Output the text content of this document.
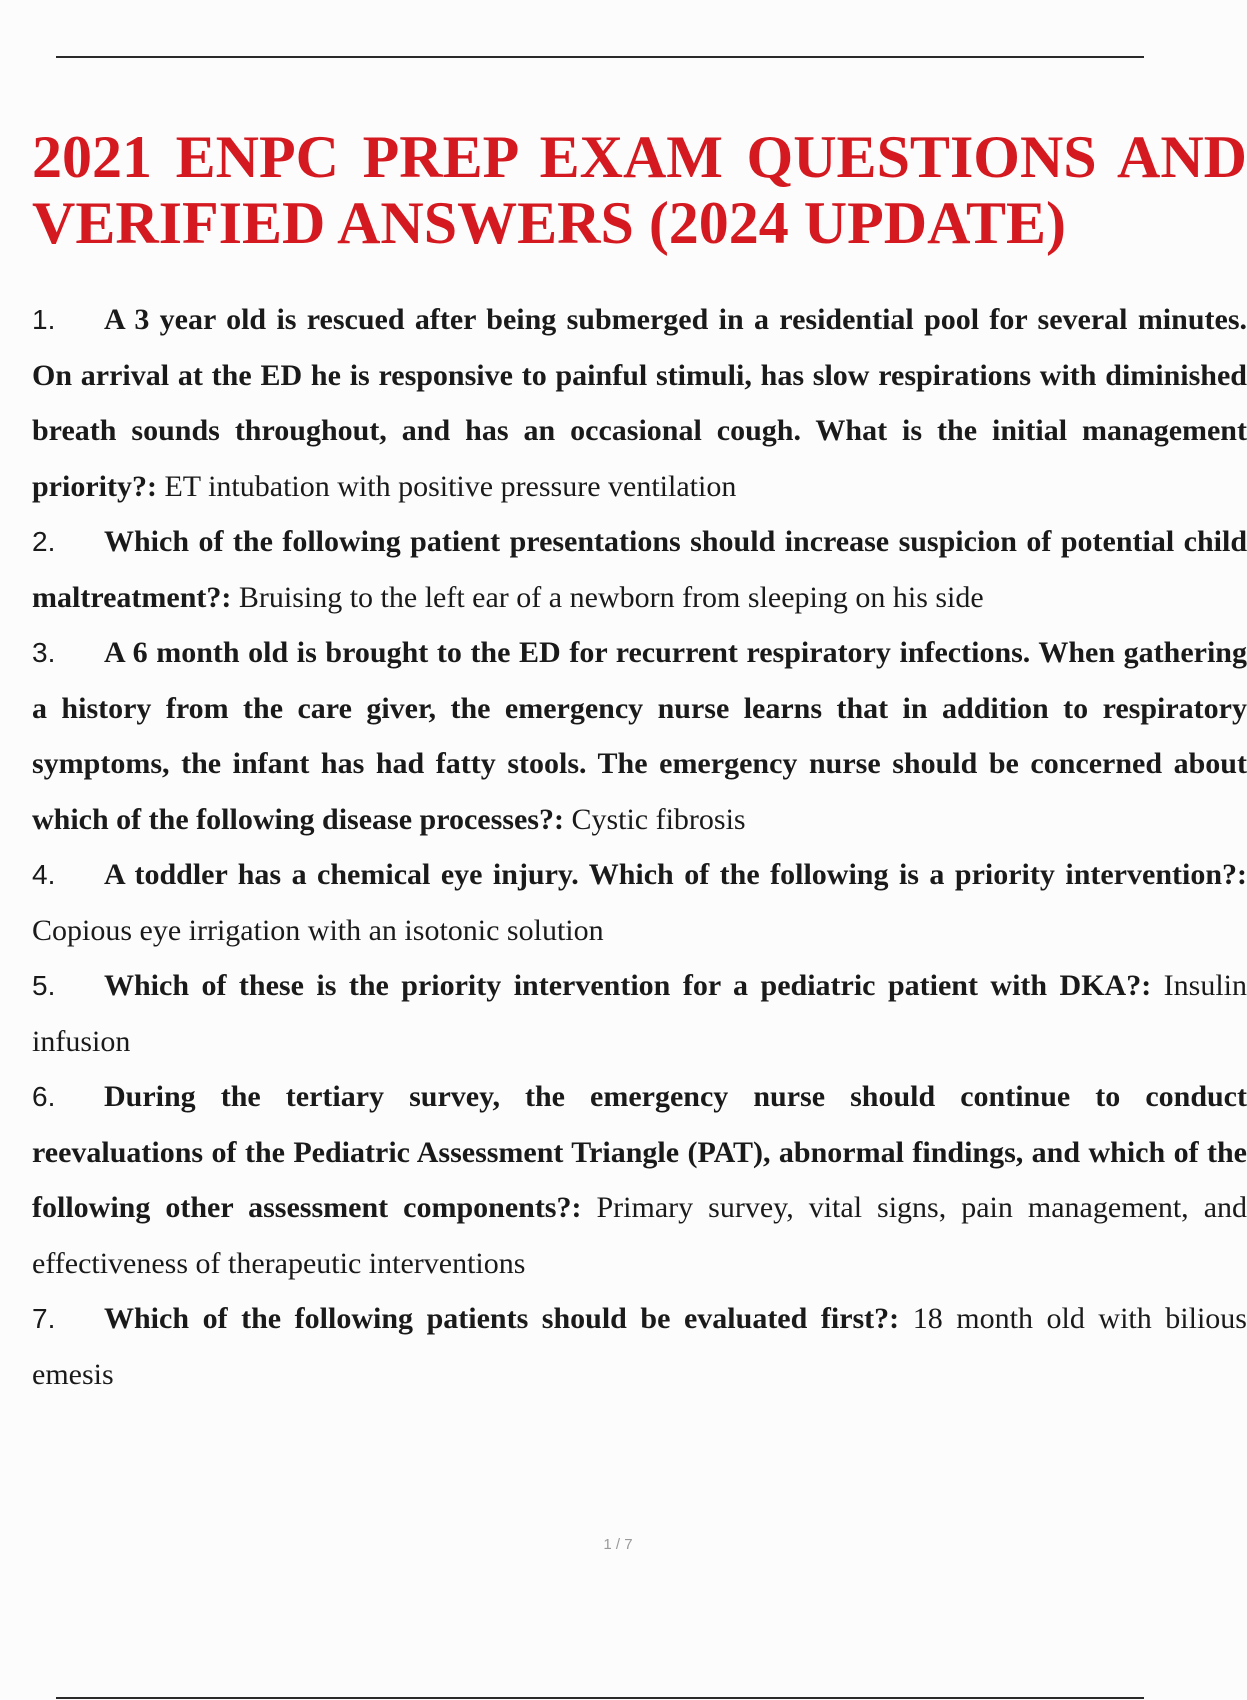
2021 ENPC PREP EXAM QUESTIONS AND VERIFIED ANSWERS (2024 UPDATE)
1. A 3 year old is rescued after being submerged in a residential pool for several minutes. On arrival at the ED he is responsive to painful stimuli, has slow respirations with diminished breath sounds throughout, and has an occasional cough. What is the initial management priority?: ET intubation with positive pressure ventilation
2. Which of the following patient presentations should increase suspicion of potential child maltreatment?: Bruising to the left ear of a newborn from sleeping on his side
3. A 6 month old is brought to the ED for recurrent respiratory infections. When gathering a history from the care giver, the emergency nurse learns that in addition to respiratory symptoms, the infant has had fatty stools. The emergency nurse should be concerned about which of the following disease processes?: Cystic fibrosis
4. A toddler has a chemical eye injury. Which of the following is a priority intervention?: Copious eye irrigation with an isotonic solution
5. Which of these is the priority intervention for a pediatric patient with DKA?: Insulin infusion
6. During the tertiary survey, the emergency nurse should continue to conduct reevaluations of the Pediatric Assessment Triangle (PAT), abnormal findings, and which of the following other assessment components?: Primary survey, vital signs, pain management, and effectiveness of therapeutic interventions
7. Which of the following patients should be evaluated first?: 18 month old with bilious emesis
1 / 7
